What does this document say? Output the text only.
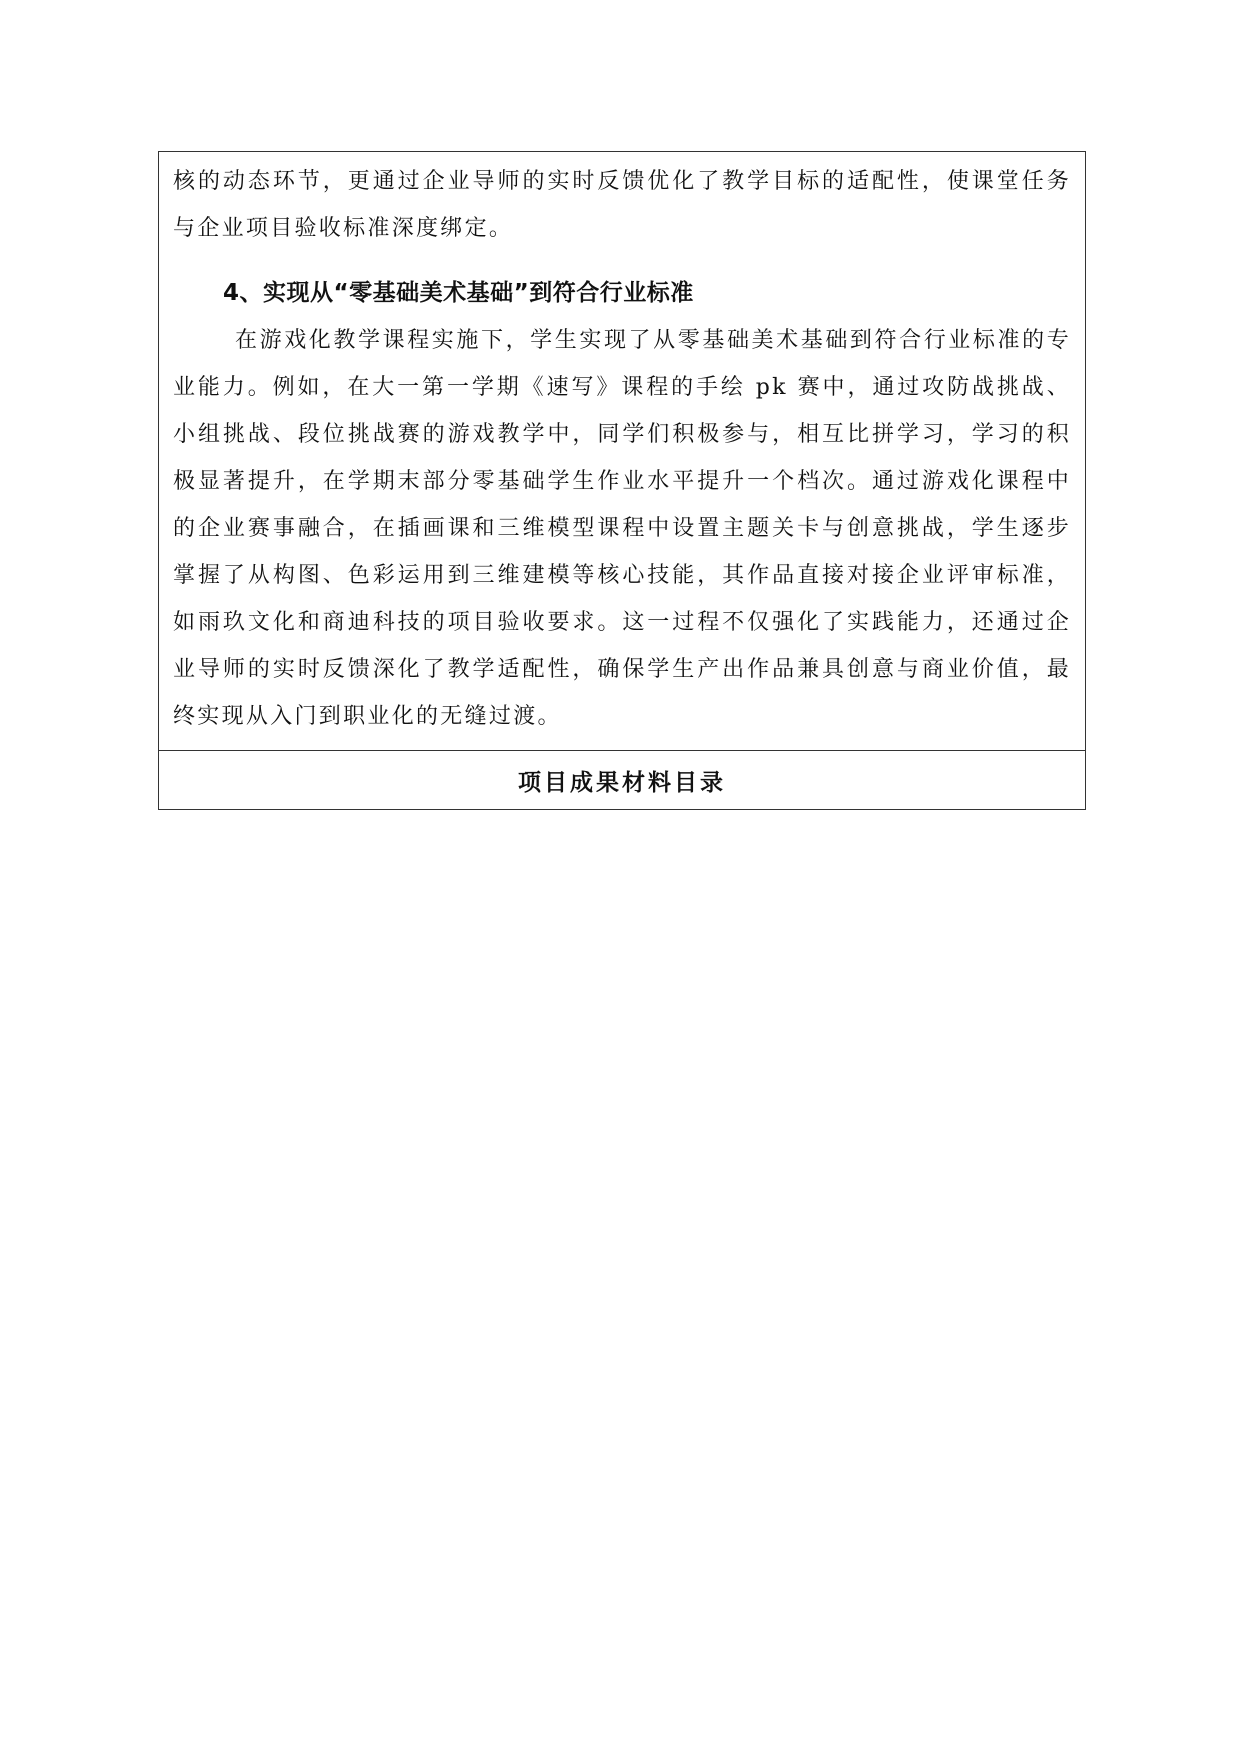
核的动态环节，更通过企业导师的实时反馈优化了教学目标的适配性，使课堂任务与企业项目验收标准深度绑定。

4、实现从“零基础美术基础”到符合行业标准

在游戏化教学课程实施下，学生实现了从零基础美术基础到符合行业标准的专业能力。例如，在大一第一学期《速写》课程的手绘 pk 赛中，通过攻防战挑战、小组挑战、段位挑战赛的游戏教学中，同学们积极参与，相互比拼学习，学习的积极显著提升，在学期末部分零基础学生作业水平提升一个档次。通过游戏化课程中的企业赛事融合，在插画课和三维模型课程中设置主题关卡与创意挑战，学生逐步掌握了从构图、色彩运用到三维建模等核心技能，其作品直接对接企业评审标准，如雨玖文化和商迪科技的项目验收要求。这一过程不仅强化了实践能力，还通过企业导师的实时反馈深化了教学适配性，确保学生产出作品兼具创意与商业价值，最终实现从入门到职业化的无缝过渡。

项目成果材料目录
